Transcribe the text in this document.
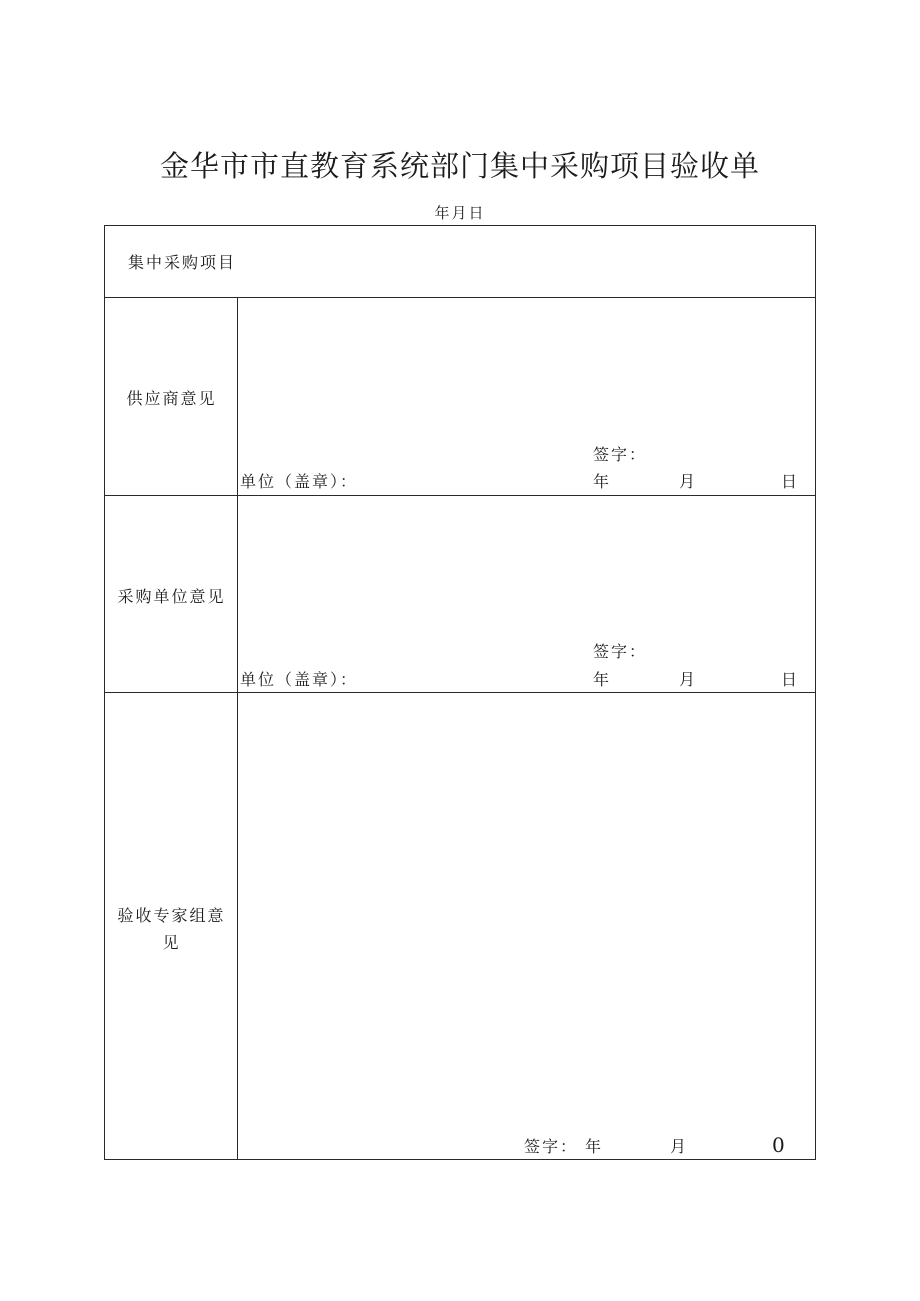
金华市市直教育系统部门集中采购项目验收单
年月日
集中采购项目
供应商意见
签字：
单位（盖章）：	年	月	日
采购单位意见
签字：
单位（盖章）：	年	月	日
验收专家组意
见
签字： 年	月	0
